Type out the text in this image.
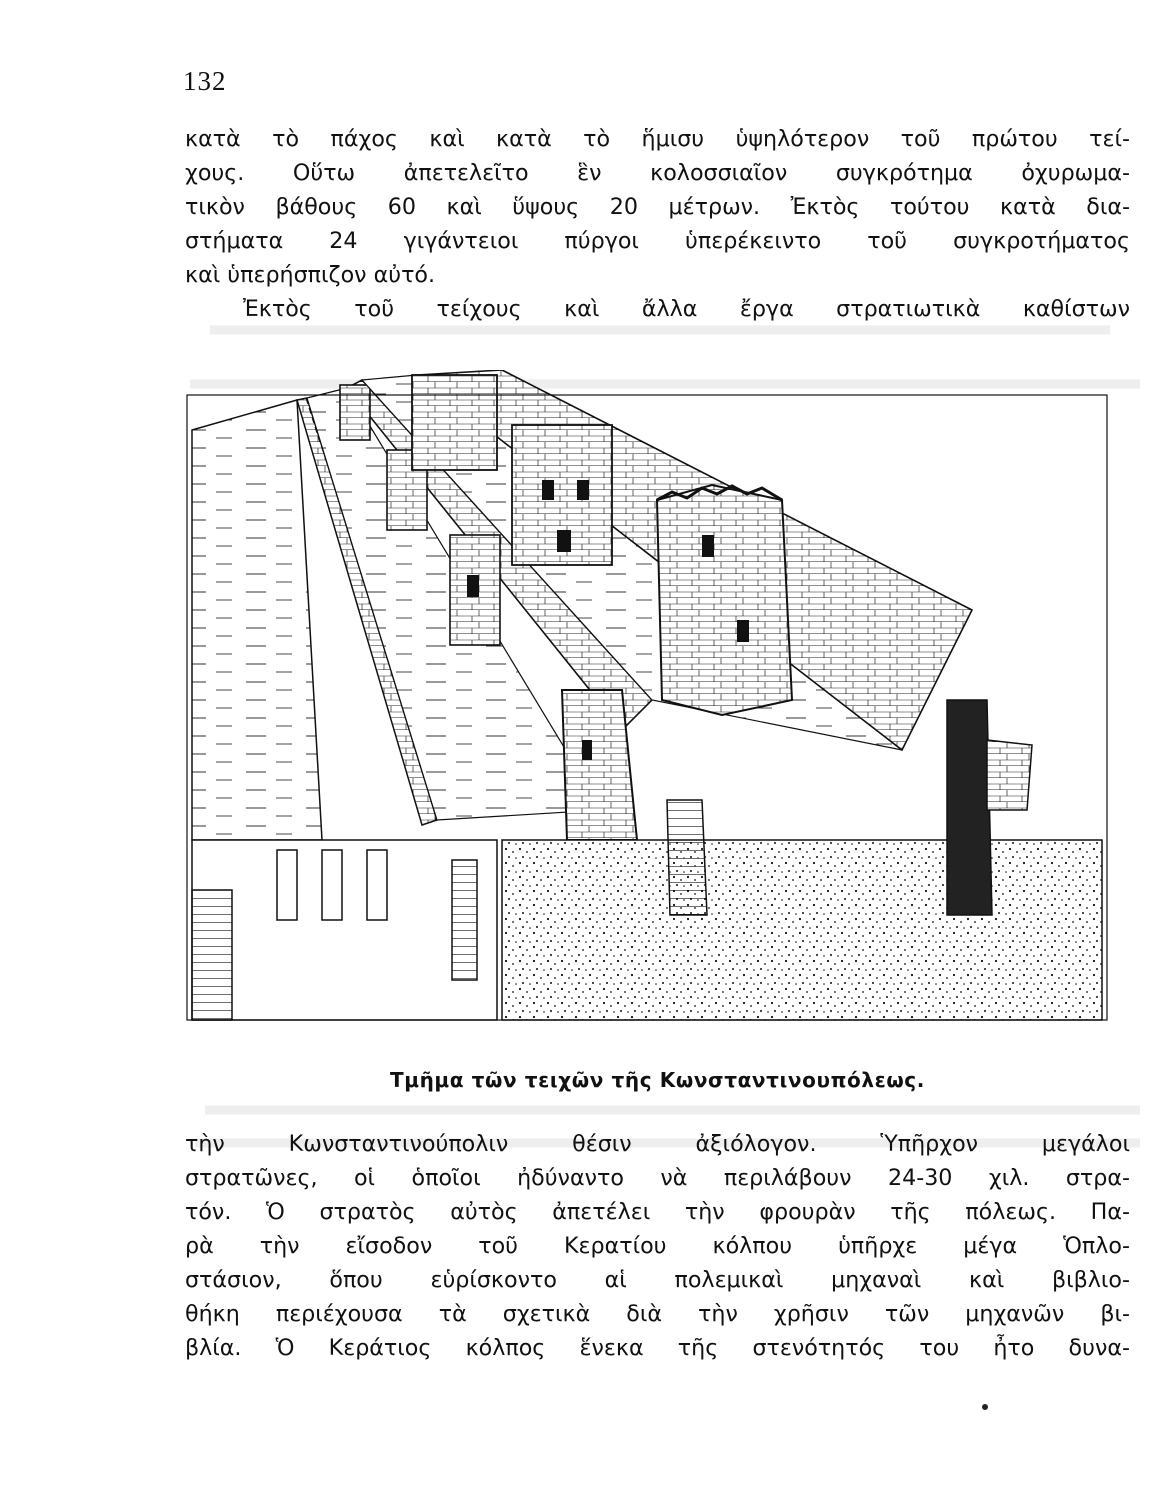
132
κατὰ τὸ πάχος καὶ κατὰ τὸ ἥμισυ ὑψηλότερον τοῦ πρώτου τεί-
χους. Οὕτω ἀπετελεῖτο ἓν κολοσσιαῖον συγκρότημα ὀχυρωμα-
τικὸν βάθους 60 καὶ ὕψους 20 μέτρων. Ἐκτὸς τούτου κατὰ δια-
στήματα 24 γιγάντειοι πύργοι ὑπερέκειντο τοῦ συγκροτήματος
καὶ ὑπερήσπιζον αὐτό.
Ἐκτὸς τοῦ τείχους καὶ ἄλλα ἔργα στρατιωτικὰ καθίστων
Τμῆμα τῶν τειχῶν τῆς Κωνσταντινουπόλεως.
τὴν Κωνσταντινούπολιν θέσιν ἀξιόλογον. Ὑπῆρχον μεγάλοι
στρατῶνες, οἱ ὁποῖοι ἠδύναντο νὰ περιλάβουν 24-30 χιλ. στρα-
τόν. Ὁ στρατὸς αὐτὸς ἀπετέλει τὴν φρουρὰν τῆς πόλεως. Πα-
ρὰ τὴν εἴσοδον τοῦ Κερατίου κόλπου ὑπῆρχε μέγα Ὁπλο-
στάσιον, ὅπου εὑρίσκοντο αἱ πολεμικαὶ μηχαναὶ καὶ βιβλιο-
θήκη περιέχουσα τὰ σχετικὰ διὰ τὴν χρῆσιν τῶν μηχανῶν βι-
βλία. Ὁ Κεράτιος κόλπος ἕνεκα τῆς στενότητός του ἦτο δυνα-
